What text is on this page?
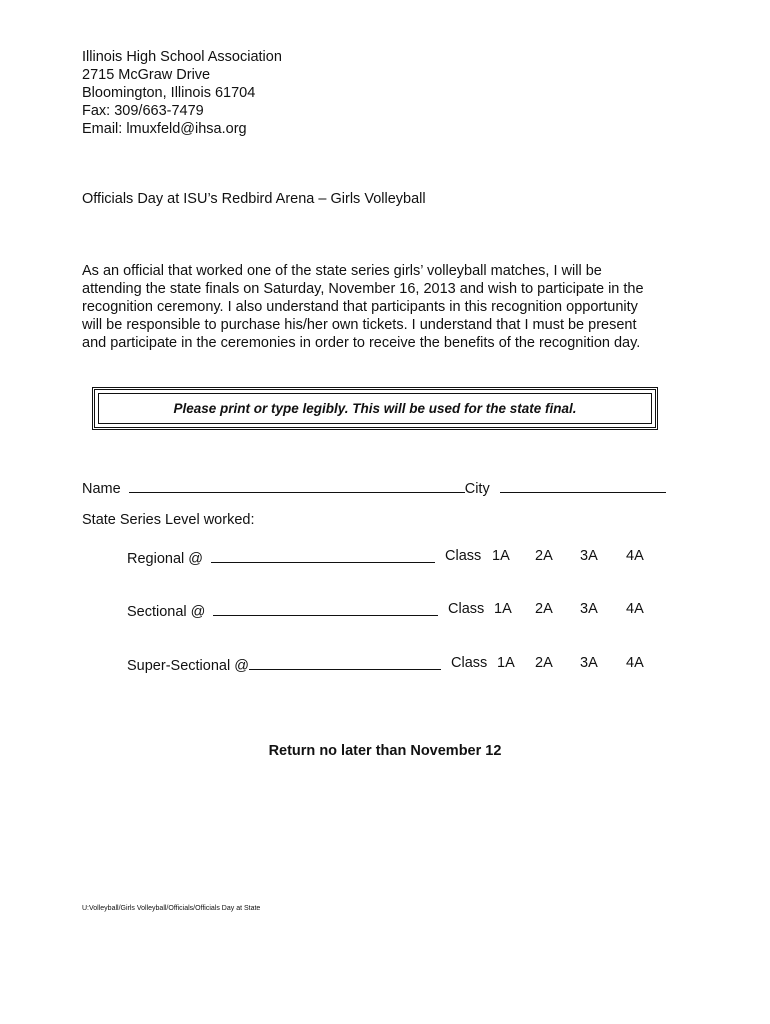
Illinois High School Association
2715 McGraw Drive
Bloomington, Illinois 61704
Fax: 309/663-7479
Email: lmuxfeld@ihsa.org
Officials Day at ISU’s Redbird Arena – Girls Volleyball
As an official that worked one of the state series girls’ volleyball matches, I will be
attending the state finals on Saturday, November 16, 2013 and wish to participate in the
recognition ceremony. I also understand that participants in this recognition opportunity
will be responsible to purchase his/her own tickets. I understand that I must be present
and participate in the ceremonies in order to receive the benefits of the recognition day.
Please print or type legibly. This will be used for the state final.
Name	City
State Series Level worked:
Regional @	Class 1A 2A 3A 4A
Sectional @	Class 1A 2A 3A 4A
Super-Sectional @	Class 1A 2A 3A 4A
Return no later than November 12
U:Volleyball/Girls Volleyball/Officials/Officials Day at State
